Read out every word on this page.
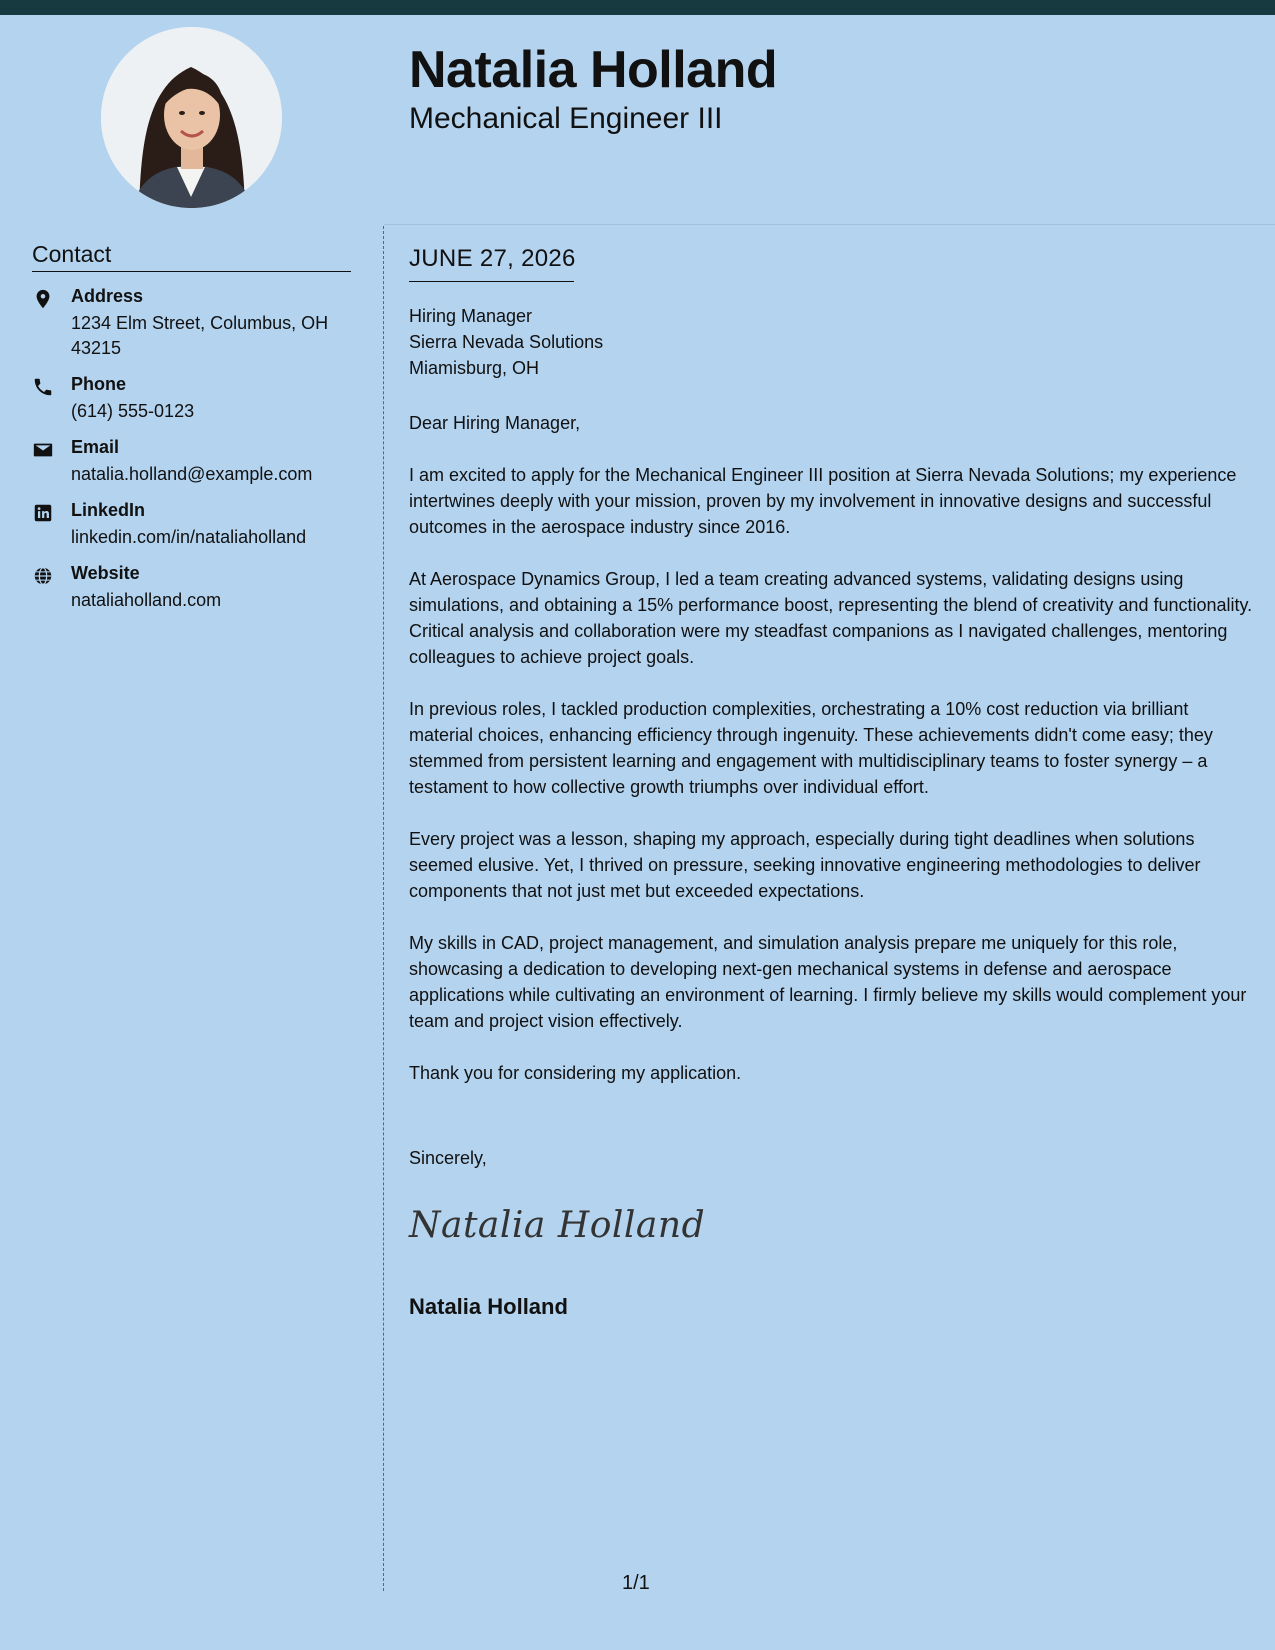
Natalia Holland
Mechanical Engineer III
Contact
Address
1234 Elm Street, Columbus, OH 43215
Phone
(614) 555-0123
Email
natalia.holland@example.com
LinkedIn
linkedin.com/in/nataliaholland
Website
nataliaholland.com
JUNE 27, 2026
Hiring Manager
Sierra Nevada Solutions
Miamisburg, OH

Dear Hiring Manager,

I am excited to apply for the Mechanical Engineer III position at Sierra Nevada Solutions; my experience intertwines deeply with your mission, proven by my involvement in innovative designs and successful outcomes in the aerospace industry since 2016.

At Aerospace Dynamics Group, I led a team creating advanced systems, validating designs using simulations, and obtaining a 15% performance boost, representing the blend of creativity and functionality. Critical analysis and collaboration were my steadfast companions as I navigated challenges, mentoring colleagues to achieve project goals.

In previous roles, I tackled production complexities, orchestrating a 10% cost reduction via brilliant material choices, enhancing efficiency through ingenuity. These achievements didn't come easy; they stemmed from persistent learning and engagement with multidisciplinary teams to foster synergy – a testament to how collective growth triumphs over individual effort.

Every project was a lesson, shaping my approach, especially during tight deadlines when solutions seemed elusive. Yet, I thrived on pressure, seeking innovative engineering methodologies to deliver components that not just met but exceeded expectations.

My skills in CAD, project management, and simulation analysis prepare me uniquely for this role, showcasing a dedication to developing next-gen mechanical systems in defense and aerospace applications while cultivating an environment of learning. I firmly believe my skills would complement your team and project vision effectively.

Thank you for considering my application.

Sincerely,
Natalia Holland
Natalia Holland
1/1
